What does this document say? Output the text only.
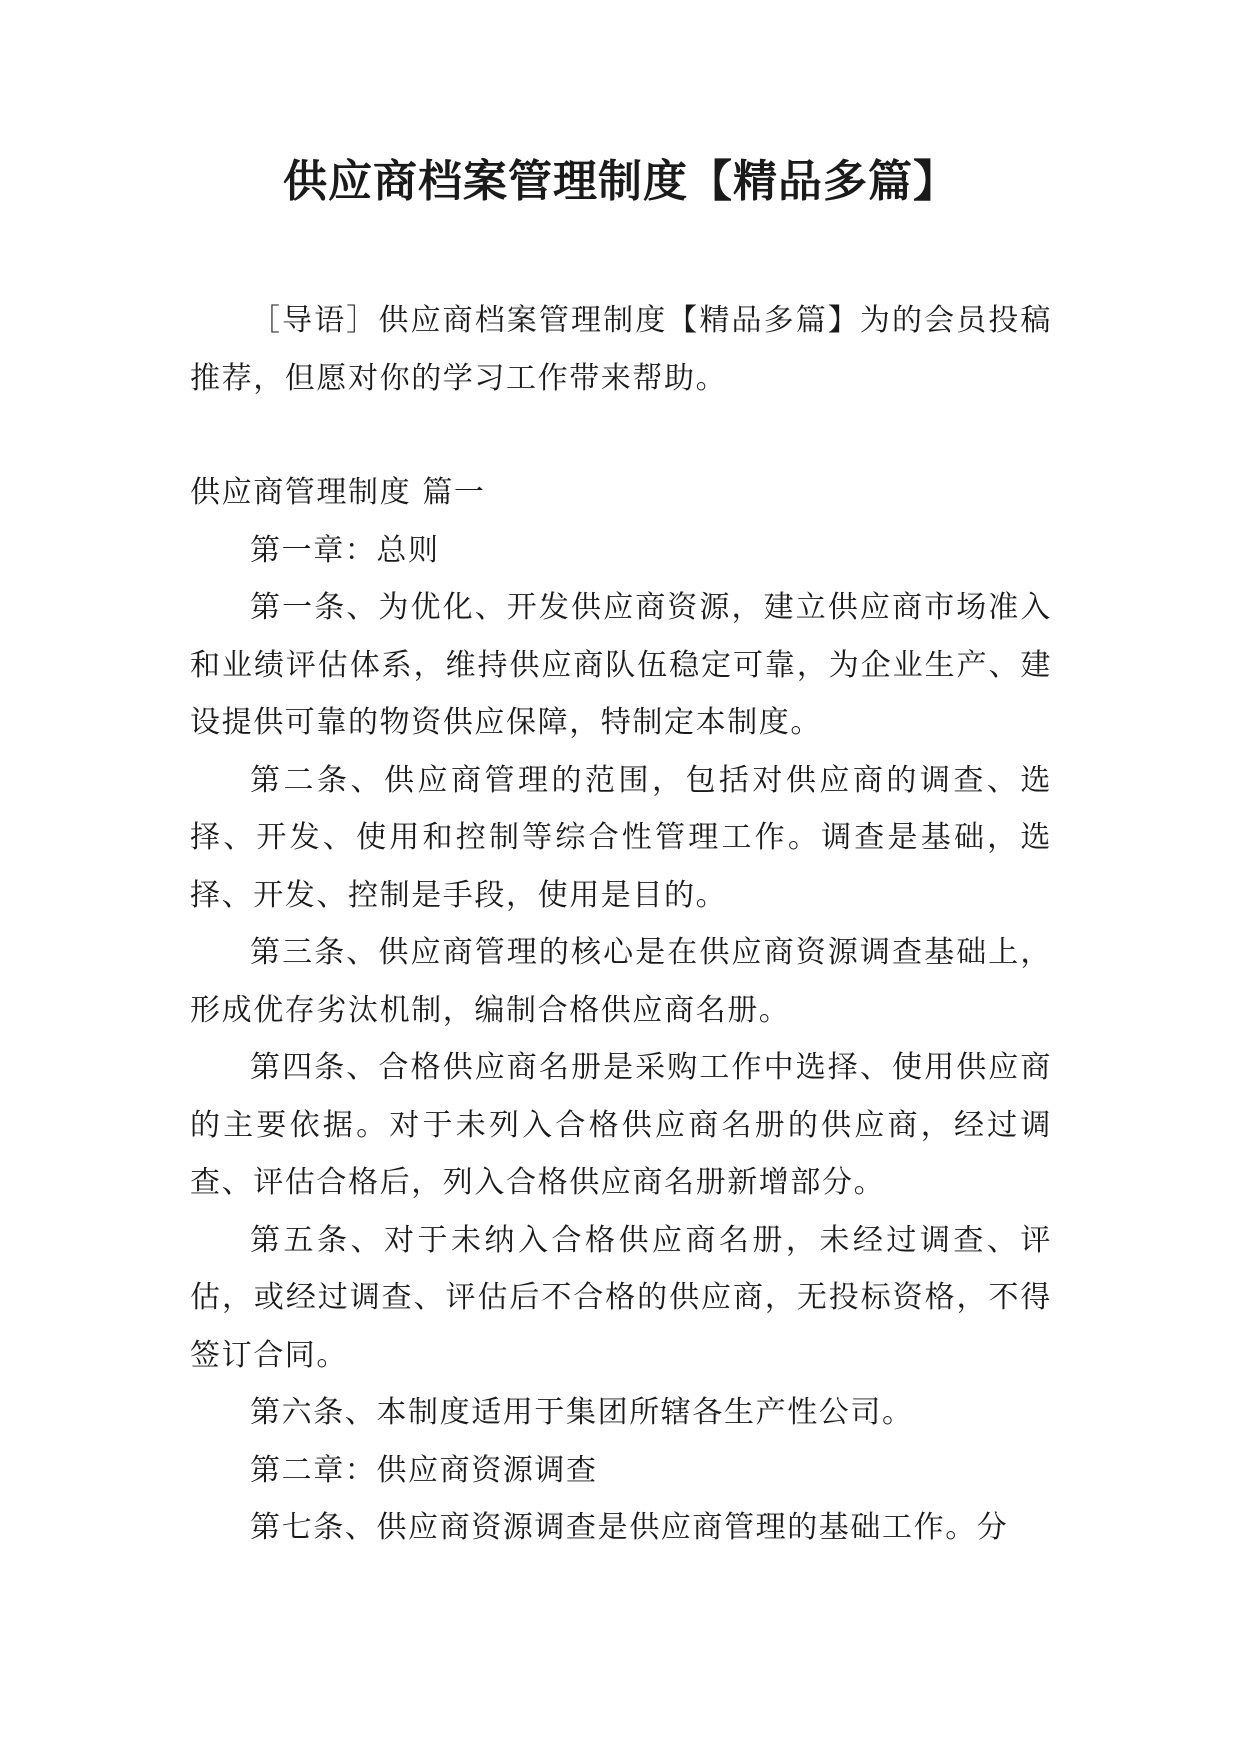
供应商档案管理制度【精品多篇】

［导语］供应商档案管理制度【精品多篇】为的会员投稿推荐，但愿对你的学习工作带来帮助。

供应商管理制度 篇一

第一章：总则

第一条、为优化、开发供应商资源，建立供应商市场准入和业绩评估体系，维持供应商队伍稳定可靠，为企业生产、建设提供可靠的物资供应保障，特制定本制度。

第二条、供应商管理的范围，包括对供应商的调查、选择、开发、使用和控制等综合性管理工作。调查是基础，选择、开发、控制是手段，使用是目的。

第三条、供应商管理的核心是在供应商资源调查基础上，形成优存劣汰机制，编制合格供应商名册。

第四条、合格供应商名册是采购工作中选择、使用供应商的主要依据。对于未列入合格供应商名册的供应商，经过调查、评估合格后，列入合格供应商名册新增部分。

第五条、对于未纳入合格供应商名册，未经过调查、评估，或经过调查、评估后不合格的供应商，无投标资格，不得签订合同。

第六条、本制度适用于集团所辖各生产性公司。

第二章：供应商资源调查

第七条、供应商资源调查是供应商管理的基础工作。分
